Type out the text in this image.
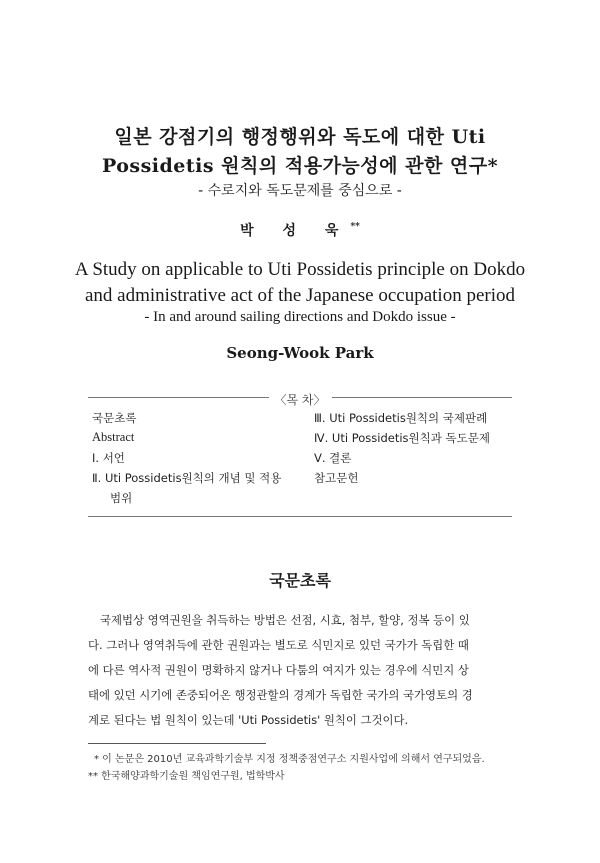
일본 강점기의 행정행위와 독도에 대한 Uti
Possidetis 원칙의 적용가능성에 관한 연구*
- 수로지와 독도문제를 중심으로 -
박 성 욱**
A Study on applicable to Uti Possidetis principle on Dokdo
and administrative act of the Japanese occupation period
- In and around sailing directions and Dokdo issue -
Seong-Wook Park
〈목 차〉
국문초록
Abstract
Ⅰ. 서언
Ⅱ. Uti Possidetis원칙의 개념 및 적용
범위
Ⅲ. Uti Possidetis원칙의 국제판례
Ⅳ. Uti Possidetis원칙과 독도문제
Ⅴ. 결론
참고문헌
국문초록
국제법상 영역권원을 취득하는 방법은 선점, 시효, 첨부, 할양, 정복 등이 있
다. 그러나 영역취득에 관한 권원과는 별도로 식민지로 있던 국가가 독립한 때
에 다른 역사적 권원이 명확하지 않거나 다툼의 여지가 있는 경우에 식민지 상
태에 있던 시기에 존중되어온 행정관할의 경계가 독립한 국가의 국가영토의 경
계로 된다는 법 원칙이 있는데 'Uti Possidetis' 원칙이 그것이다.
* 이 논문은 2010년 교육과학기술부 지정 정책중점연구소 지원사업에 의해서 연구되었음.
** 한국해양과학기술원 책임연구원, 법학박사
